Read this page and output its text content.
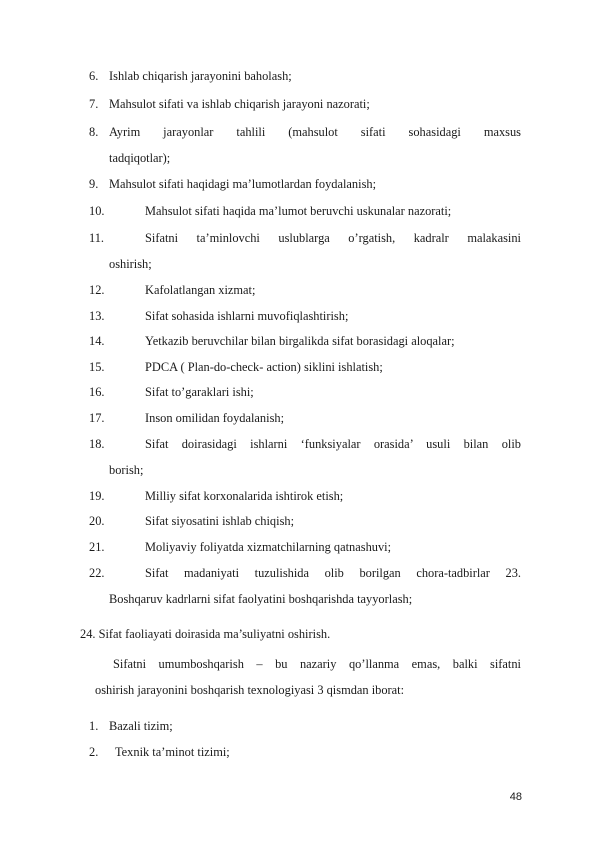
6. Ishlab chiqarish jarayonini baholash;
7. Mahsulot sifati va ishlab chiqarish jarayoni nazorati;
8. Ayrim jarayonlar tahlili (mahsulot sifati sohasidagi maxsus
tadqiqotlar);
9. Mahsulot sifati haqidagi ma’lumotlardan foydalanish;
10.	Mahsulot sifati haqida ma’lumot beruvchi uskunalar nazorati;
11.	Sifatni ta’minlovchi uslublarga o’rgatish, kadralr malakasini
oshirish;
12.	Kafolatlangan xizmat;
13.	Sifat sohasida ishlarni muvofiqlashtirish;
14.	Yetkazib beruvchilar bilan birgalikda sifat borasidagi aloqalar;
15.	PDCA ( Plan-do-check- action) siklini ishlatish;
16.	Sifat to’garaklari ishi;
17.	Inson omilidan foydalanish;
18.	Sifat doirasidagi ishlarni ‘funksiyalar orasida’ usuli bilan olib
borish;
19.	Milliy sifat korxonalarida ishtirok etish;
20.	Sifat siyosatini ishlab chiqish;
21.	Moliyaviy foliyatda xizmatchilarning qatnashuvi;
22.	Sifat madaniyati tuzulishida olib borilgan chora-tadbirlar 23.
Boshqaruv kadrlarni sifat faolyatini boshqarishda tayyorlash;
24. Sifat faoliayati doirasida ma’suliyatni oshirish.
Sifatni umumboshqarish – bu nazariy qo’llanma emas, balki sifatni
oshirish jarayonini boshqarish texnologiyasi 3 qismdan iborat:
1. Bazali tizim;
2. Texnik ta’minot tizimi;
48
